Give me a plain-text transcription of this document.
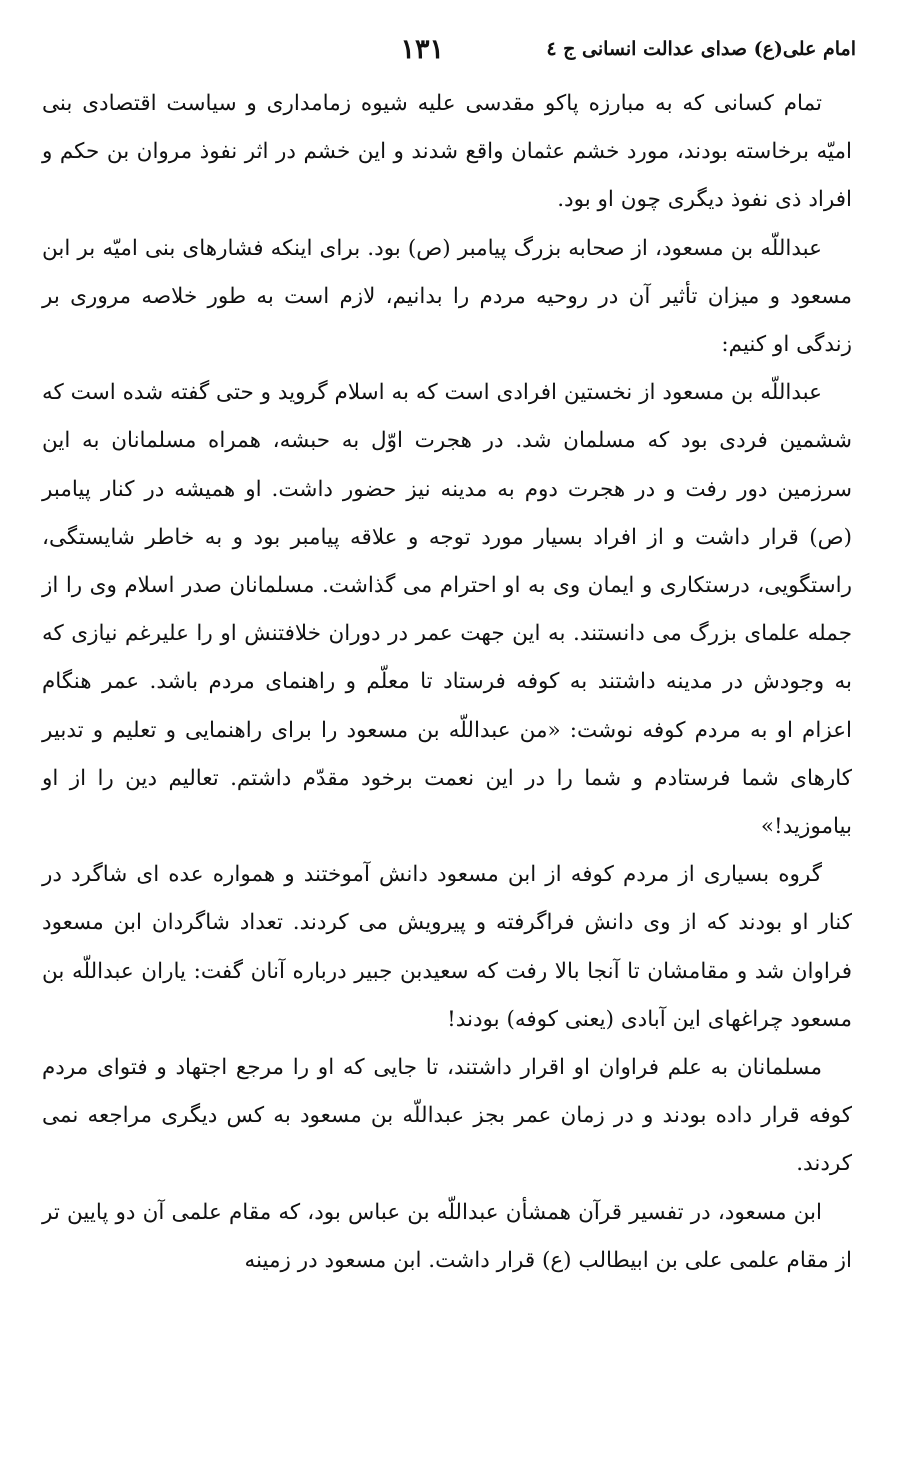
امام علی(ع) صدای عدالت انسانی ج ٤
۱۳۱

تمام کسانی که به مبارزه پاکو مقدسی علیه شیوه زمامداری و سیاست اقتصادی بنی امیّه برخاسته بودند، مورد خشم عثمان واقع شدند و این خشم در اثر نفوذ مروان بن حکم و افراد ذی نفوذ دیگری چون او بود.

عبداللّه بن مسعود، از صحابه بزرگ پیامبر (ص) بود. برای اینکه فشارهای بنی امیّه بر ابن مسعود و میزان تأثیر آن در روحیه مردم را بدانیم، لازم است به طور خلاصه مروری بر زندگی او کنیم:

عبداللّه بن مسعود از نخستین افرادی است که به اسلام گروید و حتی گفته شده است که ششمین فردی بود که مسلمان شد. در هجرت اوّل به حبشه، همراه مسلمانان به این سرزمین دور رفت و در هجرت دوم به مدینه نیز حضور داشت. او همیشه در کنار پیامبر (ص) قرار داشت و از افراد بسیار مورد توجه و علاقه پیامبر بود و به خاطر شایستگی، راستگویی، درستکاری و ایمان وی به او احترام می گذاشت. مسلمانان صدر اسلام وی را از جمله علمای بزرگ می دانستند. به این جهت عمر در دوران خلافتنش او را علیرغم نیازی که به وجودش در مدینه داشتند به کوفه فرستاد تا معلّم و راهنمای مردم باشد. عمر هنگام اعزام او به مردم کوفه نوشت: «من عبداللّه بن مسعود را برای راهنمایی و تعلیم و تدبیر کارهای شما فرستادم و شما را در این نعمت برخود مقدّم داشتم. تعالیم دین را از او بیاموزید!»

گروه بسیاری از مردم کوفه از ابن مسعود دانش آموختند و همواره عده ای شاگرد در کنار او بودند که از وی دانش فراگرفته و پیرویش می کردند. تعداد شاگردان ابن مسعود فراوان شد و مقامشان تا آنجا بالا رفت که سعیدبن جبیر درباره آنان گفت: یاران عبداللّه بن مسعود چراغهای این آبادی (یعنی کوفه) بودند!

مسلمانان به علم فراوان او اقرار داشتند، تا جایی که او را مرجع اجتهاد و فتوای مردم کوفه قرار داده بودند و در زمان عمر بجز عبداللّه بن مسعود به کس دیگری مراجعه نمی کردند.

ابن مسعود، در تفسیر قرآن همشأن عبداللّه بن عباس بود، که مقام علمی آن دو پایین تر از مقام علمی علی بن ابیطالب (ع) قرار داشت. ابن مسعود در زمینه
